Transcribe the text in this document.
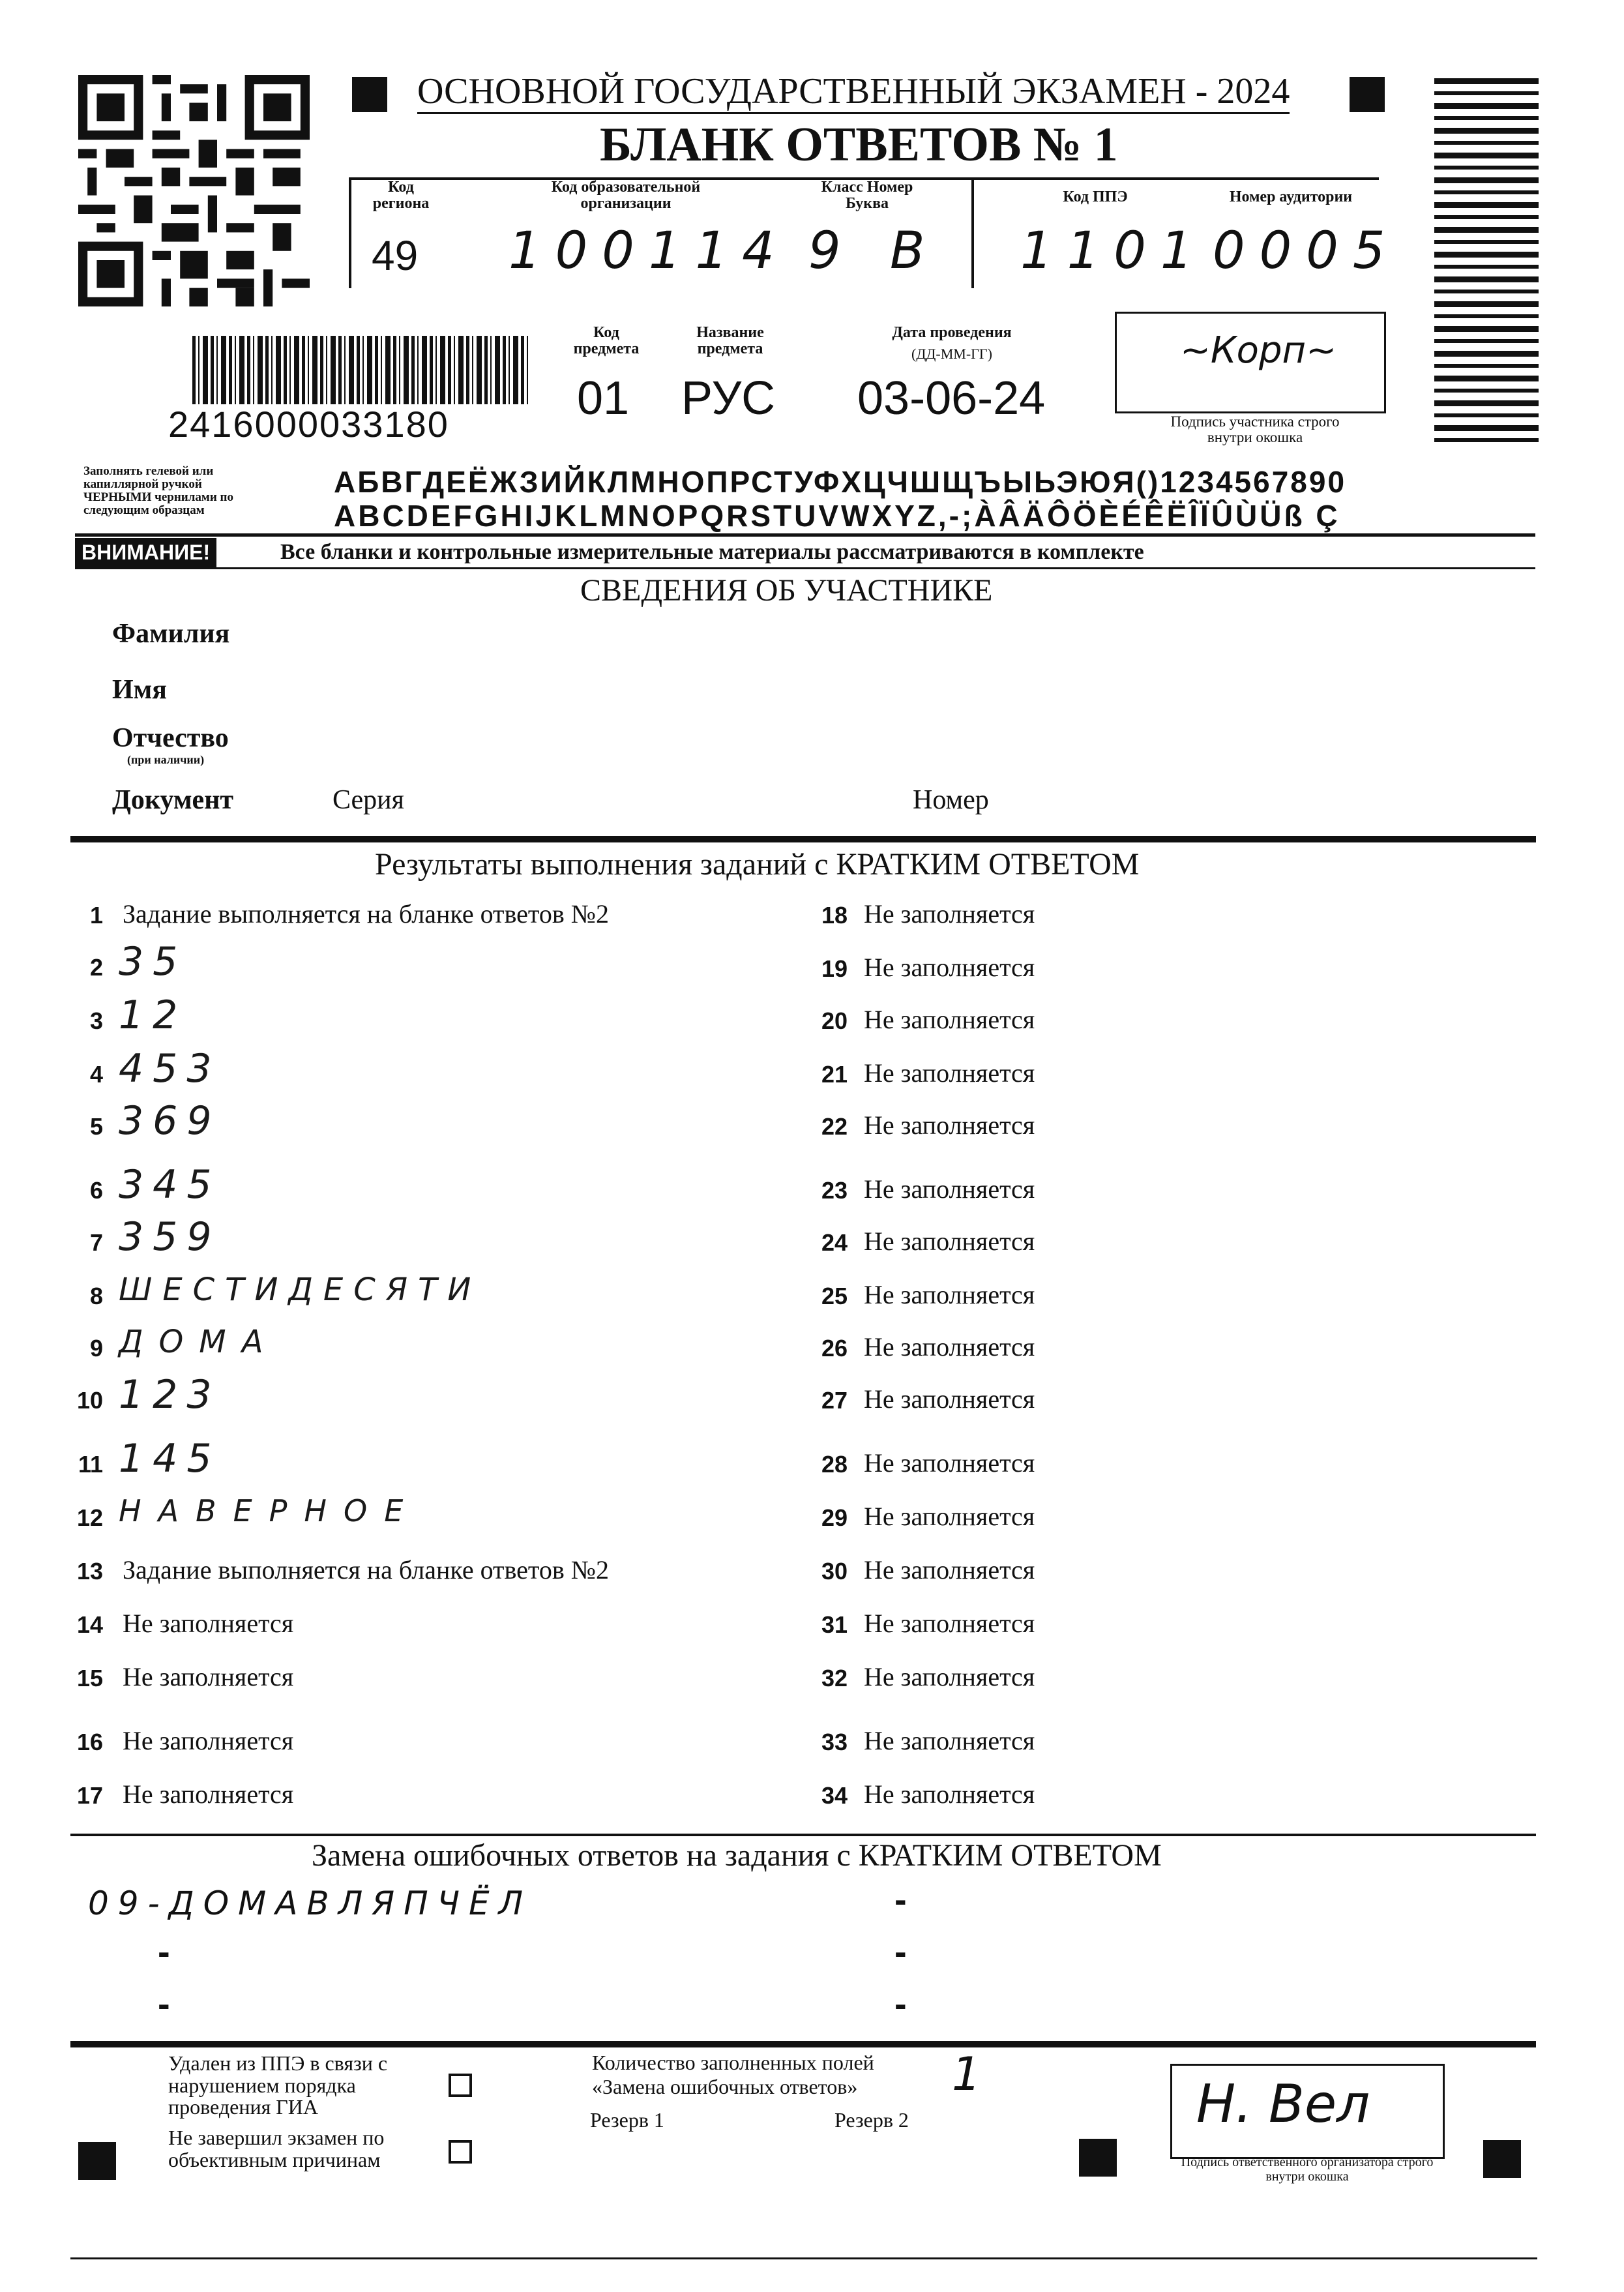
ОСНОВНОЙ ГОСУДАРСТВЕННЫЙ ЭКЗАМЕН - 2024
БЛАНК ОТВЕТОВ № 1
Код региона
49
Код образовательной организации
100114
Класс Номер Буква
9 В
Код ППЭ
1101
Номер аудитории
0005
2416000033180
Код предмета
01
Название предмета
РУС
Дата проведения
(ДД-ММ-ГГ)
03-06-24
~Корп~
Подпись участника строго внутри окошка
Заполнять гелевой или капиллярной ручкой ЧЕРНЫМИ чернилами по следующим образцам
АБВГДЕЁЖЗИЙКЛМНОПРСТУФХЦЧШЩЪЫЬЭЮЯ()1234567890
ABCDEFGHIJKLMNOPQRSTUVWXYZ,-;ÀÂÄÔÖÈÉÊËÎÏÛÙÜß Ç
ВНИМАНИЕ!	Все бланки и контрольные измерительные материалы рассматриваются в комплекте
СВЕДЕНИЯ ОБ УЧАСТНИКЕ
Фамилия
Имя
Отчество
(при наличии)
Документ	Серия	Номер
Результаты выполнения заданий с КРАТКИМ ОТВЕТОМ
1 Задание выполняется на бланке ответов №2
2 35
3 12
4 453
5 369
6 345
7 359
8 ШЕСТИДЕСЯТИ
9 ДОМА
10 123
11 145
12 НАВЕРНОЕ
13 Задание выполняется на бланке ответов №2
14 Не заполняется
15 Не заполняется
16 Не заполняется
17 Не заполняется
18 Не заполняется
19 Не заполняется
20 Не заполняется
21 Не заполняется
22 Не заполняется
23 Не заполняется
24 Не заполняется
25 Не заполняется
26 Не заполняется
27 Не заполняется
28 Не заполняется
29 Не заполняется
30 Не заполняется
31 Не заполняется
32 Не заполняется
33 Не заполняется
34 Не заполняется
Замена ошибочных ответов на задания с КРАТКИМ ОТВЕТОМ
09-ДОМАВЛЯПЧЁЛ	-
-	-
-	-
Удален из ППЭ в связи с нарушением порядка проведения ГИА
Не завершил экзамен по объективным причинам
Количество заполненных полей «Замена ошибочных ответов»	1
Резерв 1	Резерв 2	Н. Вел
Подпись ответственного организатора строго внутри окошка
